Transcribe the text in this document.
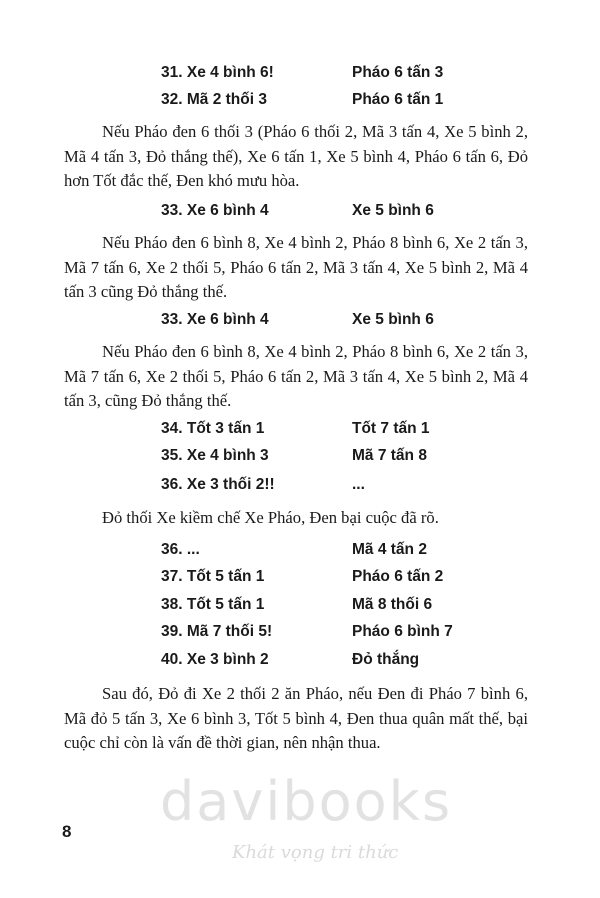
31. Xe 4 bình 6!	Pháo 6 tấn 3
32. Mã 2 thối 3	Pháo 6 tấn 1

Nếu Pháo đen 6 thối 3 (Pháo 6 thối 2, Mã 3 tấn 4, Xe 5 bình 2, Mã 4 tấn 3, Đỏ thắng thế), Xe 6 tấn 1, Xe 5 bình 4, Pháo 6 tấn 6, Đỏ hơn Tốt đắc thế, Đen khó mưu hòa.

33. Xe 6 bình 4	Xe 5 bình 6

Nếu Pháo đen 6 bình 8, Xe 4 bình 2, Pháo 8 bình 6, Xe 2 tấn 3, Mã 7 tấn 6, Xe 2 thối 5, Pháo 6 tấn 2, Mã 3 tấn 4, Xe 5 bình 2, Mã 4 tấn 3 cũng Đỏ thắng thế.

33. Xe 6 bình 4	Xe 5 bình 6

Nếu Pháo đen 6 bình 8, Xe 4 bình 2, Pháo 8 bình 6, Xe 2 tấn 3, Mã 7 tấn 6, Xe 2 thối 5, Pháo 6 tấn 2, Mã 3 tấn 4, Xe 5 bình 2, Mã 4 tấn 3, cũng Đỏ thắng thế.

34. Tốt 3 tấn 1	Tốt 7 tấn 1
35. Xe 4 bình 3	Mã 7 tấn 8
36. Xe 3 thối 2!!	...

Đỏ thối Xe kiềm chế Xe Pháo, Đen bại cuộc đã rõ.

36. ...	Mã 4 tấn 2
37. Tốt 5 tấn 1	Pháo 6 tấn 2
38. Tốt 5 tấn 1	Mã 8 thối 6
39. Mã 7 thối 5!	Pháo 6 bình 7
40. Xe 3 bình 2	Đỏ thắng

Sau đó, Đỏ đi Xe 2 thối 2 ăn Pháo, nếu Đen đi Pháo 7 bình 6, Mã đỏ 5 tấn 3, Xe 6 bình 3, Tốt 5 bình 4, Đen thua quân mất thế, bại cuộc chỉ còn là vấn đề thời gian, nên nhận thua.

davibooks
Khát vọng tri thức
8
